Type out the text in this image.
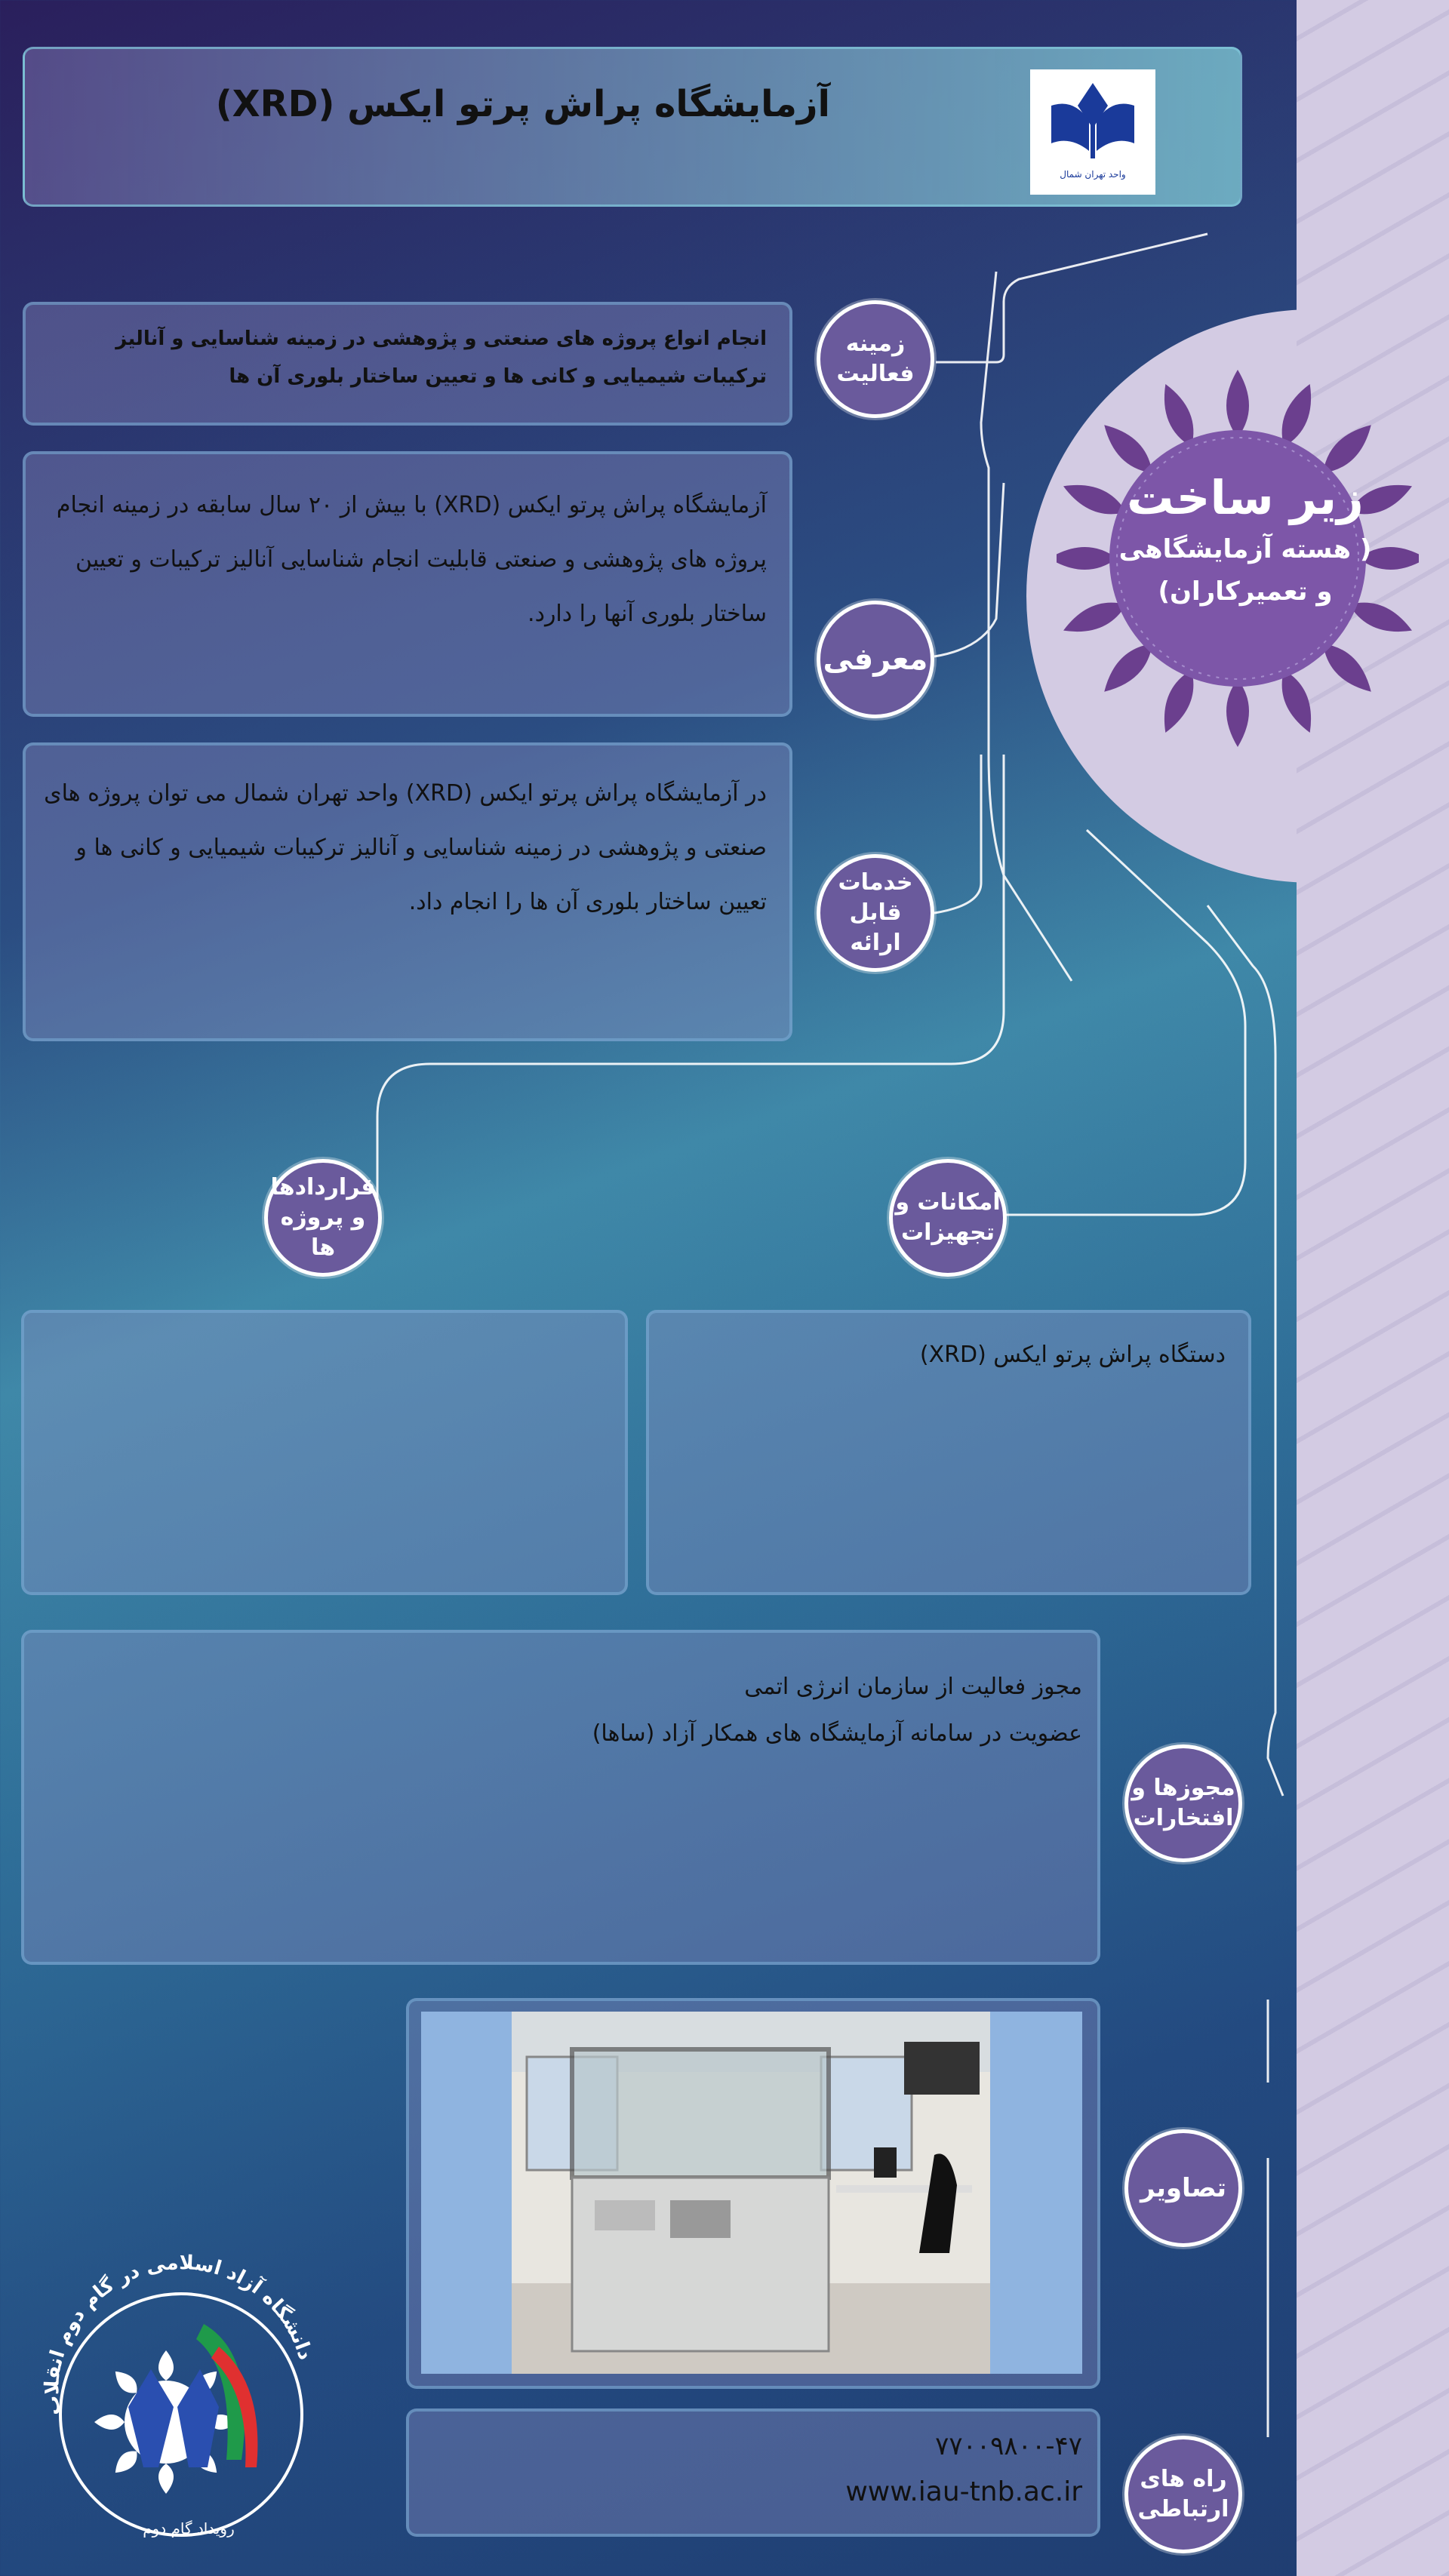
واحد تهران شمال
آزمایشگاه پراش پرتو ایکس (XRD)
زیر ساخت
( هسته آزمایشگاهی
و تعمیرکاران)
انجام انواع پروژه های صنعتی و پژوهشی در زمینه شناسایی و آنالیز ترکیبات شیمیایی و کانی ها و تعیین ساختار بلوری آن ها
زمینه فعالیت
آزمایشگاه پراش پرتو ایکس (XRD) با بیش از ۲۰ سال سابقه در زمینه انجام پروژه های پژوهشی و صنعتی قابلیت انجام شناسایی آنالیز ترکیبات و تعیین ساختار بلوری آنها را دارد.
معرفی
در آزمایشگاه پراش پرتو ایکس (XRD) واحد تهران شمال می توان پروژه های صنعتی و پژوهشی در زمینه شناسایی و آنالیز ترکیبات شیمیایی و کانی ها و تعیین ساختار بلوری آن ها را انجام داد.
خدمات قابل ارائه
قراردادها و پروژه ها
امکانات و تجهیزات
دستگاه پراش پرتو ایکس (XRD)
مجوز فعالیت از سازمان انرژی اتمی
عضویت در سامانه آزمایشگاه های همکار آزاد (ساها)
مجوزها و افتخارات
تصاویر
۷۷۰۰۹۸۰۰-۴۷
www.iau-tnb.ac.ir	راه های ارتباطی
دانشگاه آزاد اسلامی در گام دوم انقلاب
رویداد گام دوم
